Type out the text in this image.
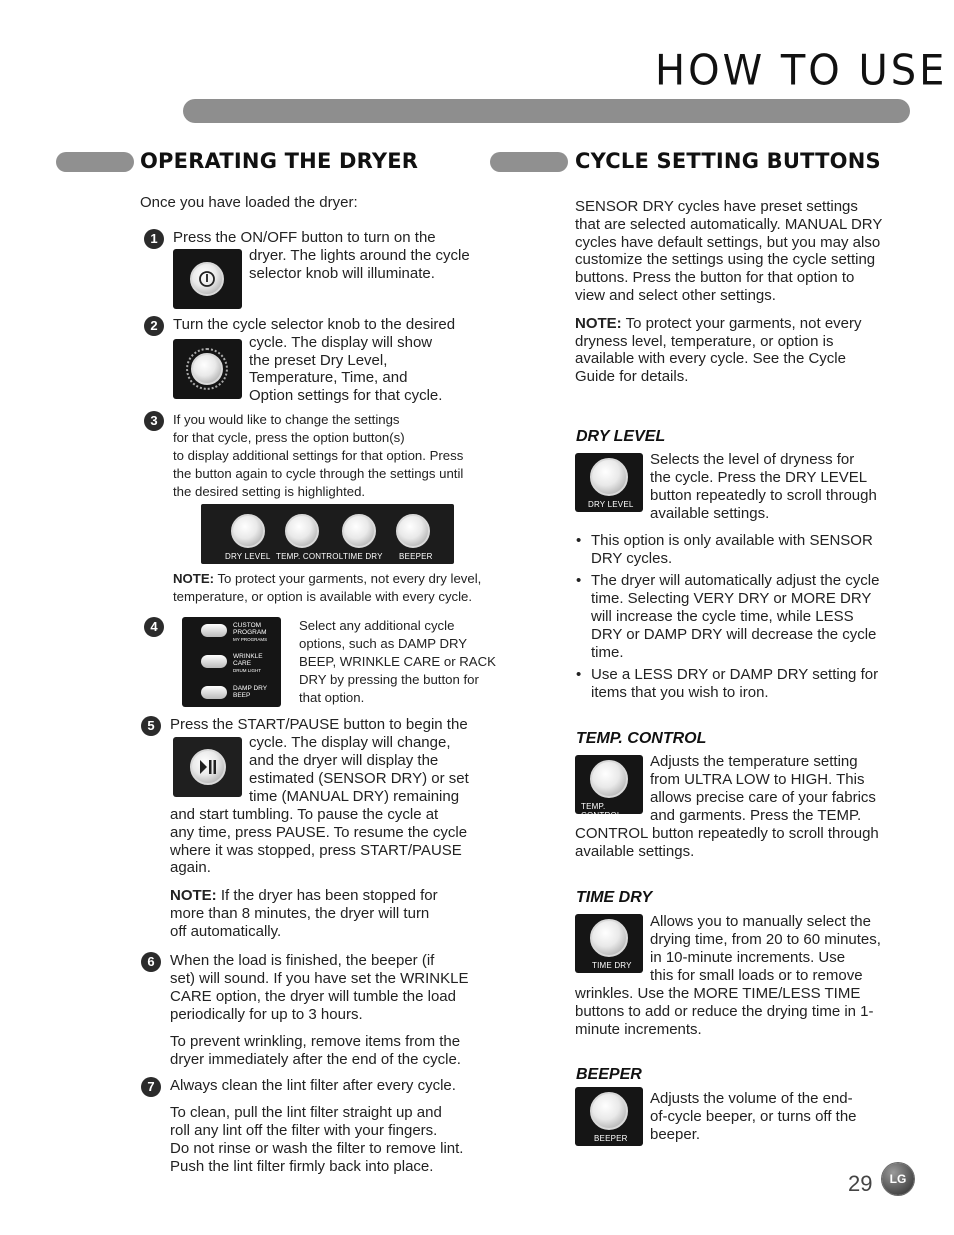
HOW TO USE
OPERATING THE DRYER	CYCLE SETTING BUTTONS
Once you have loaded the dryer:
1	Press the ON/OFF button to turn on the
dryer. The lights around the cycle
selector knob will illuminate.
2	Turn the cycle selector knob to the desired
cycle. The display will show
the preset Dry Level,
Temperature, Time, and
Option settings for that cycle.
3	If you would like to change the settings
for that cycle, press the option button(s)
to display additional settings for that option. Press
the button again to cycle through the settings until
the desired setting is highlighted.
DRY LEVEL TEMP. CONTROL TIME DRY BEEPER
NOTE: To protect your garments, not every dry level,
temperature, or option is available with every cycle.
4	CUSTOM
PROGRAM
MY PROGRAMS
WRINKLE
CARE
DRUM LIGHT
DAMP DRY
BEEP
Select any additional cycle
options, such as DAMP DRY
BEEP, WRINKLE CARE or RACK
DRY by pressing the button for
that option.
5	Press the START/PAUSE button to begin the
cycle. The display will change,
and the dryer will display the
estimated (SENSOR DRY) or set
time (MANUAL DRY) remaining
and start tumbling. To pause the cycle at
any time, press PAUSE. To resume the cycle
where it was stopped, press START/PAUSE
again.
NOTE: If the dryer has been stopped for
more than 8 minutes, the dryer will turn
off automatically.
6	When the load is finished, the beeper (if
set) will sound. If you have set the WRINKLE
CARE option, the dryer will tumble the load
periodically for up to 3 hours.
To prevent wrinkling, remove items from the
dryer immediately after the end of the cycle.
7	Always clean the lint filter after every cycle.
To clean, pull the lint filter straight up and
roll any lint off the filter with your fingers.
Do not rinse or wash the filter to remove lint.
Push the lint filter firmly back into place.
SENSOR DRY cycles have preset settings
that are selected automatically. MANUAL DRY
cycles have default settings, but you may also
customize the settings using the cycle setting
buttons. Press the button for that option to
view and select other settings.
NOTE: To protect your garments, not every
dryness level, temperature, or option is
available with every cycle. See the Cycle
Guide for details.
DRY LEVEL
DRY LEVEL
Selects the level of dryness for
the cycle. Press the DRY LEVEL
button repeatedly to scroll through
available settings.
• This option is only available with SENSOR
DRY cycles.
• The dryer will automatically adjust the cycle
time. Selecting VERY DRY or MORE DRY
will increase the cycle time, while LESS
DRY or DAMP DRY will decrease the cycle
time.
• Use a LESS DRY or DAMP DRY setting for
items that you wish to iron.
TEMP. CONTROL
TEMP. CONTROL
Adjusts the temperature setting
from ULTRA LOW to HIGH. This
allows precise care of your fabrics
and garments. Press the TEMP.
CONTROL button repeatedly to scroll through
available settings.
TIME DRY
TIME DRY
Allows you to manually select the
drying time, from 20 to 60 minutes,
in 10-minute increments. Use
this for small loads or to remove
wrinkles. Use the MORE TIME/LESS TIME
buttons to add or reduce the drying time in 1-
minute increments.
BEEPER
BEEPER
Adjusts the volume of the end-
of-cycle beeper, or turns off the
beeper.
29	LG
